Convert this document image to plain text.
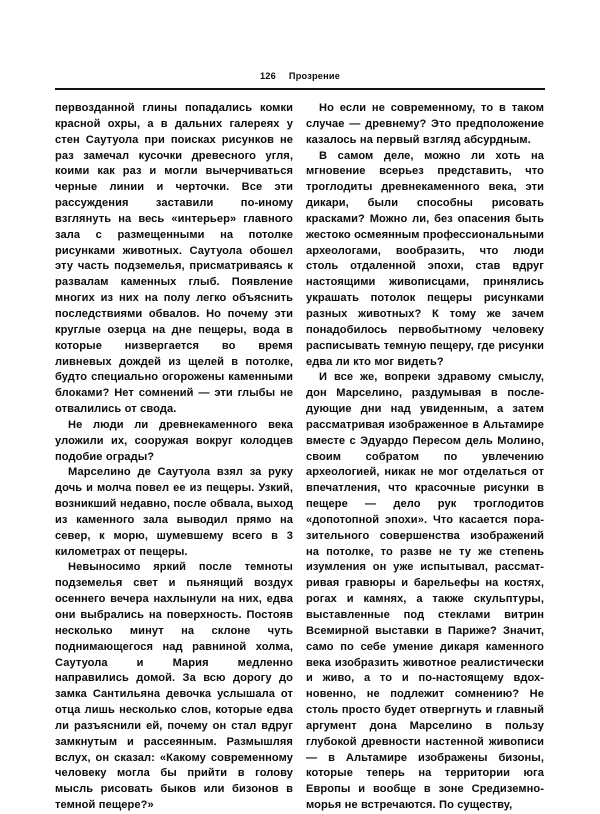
126 Прозрение

первозданной глины попадались комки красной охры, а в дальних галереях у стен Саутуола при поисках рисунков не раз замечал кусочки древесного угля, коими как раз и могли вычерчиваться черные линии и черточки. Все эти рассуждения заставили по-иному взглянуть на весь «интерьер» главного зала с размещенными на потолке рисунками животных. Саутуола обошел эту часть подземелья, присматриваясь к развалам каменных глыб. Появление многих из них на полу легко объяснить последствиями обвалов. Но почему эти круглые озерца на дне пещеры, вода в которые низвергается во время ливневых дождей из щелей в потолке, будто специально огорожены каменными блоками? Нет сомнений — эти глыбы не отвалились от свода.

Не люди ли древнекаменного века уложили их, сооружая вокруг колодцев подобие ограды?

Марселино де Саутуола взял за руку дочь и молча повел ее из пещеры. Узкий, возникший недавно, после обвала, выход из каменного зала выводил прямо на север, к морю, шумевшему всего в 3 километрах от пещеры.

Невыносимо яркий после темноты подземелья свет и пьянящий воздух осеннего вечера нахлынули на них, едва они выбрались на поверхность. Постояв несколько минут на склоне чуть поднимающегося над равниной холма, Саутуола и Мария медленно направились домой. За всю дорогу до замка Сантильяна девочка услышала от отца лишь несколько слов, которые едва ли разъяснили ей, почему он стал вдруг замкнутым и рассеянным. Размышляя вслух, он сказал: «Какому современному человеку могла бы прийти в голову мысль рисовать быков или бизонов в темной пещере?»

Но если не современному, то в таком случае — древнему? Это предположение казалось на первый взгляд абсурдным.

В самом деле, можно ли хоть на мгновение всерьез представить, что троглодиты древнекаменного века, эти дикари, были способны рисовать красками? Можно ли, без опасения быть жестоко осмеянным профессиональными археологами, вообразить, что люди столь отдаленной эпохи, став вдруг настоящими живописцами, принялись украшать потолок пещеры рисунками разных животных? К тому же зачем понадобилось первобытному человеку расписывать темную пещеру, где рисунки едва ли кто мог видеть?

И все же, вопреки здравому смыслу, дон Марселино, раздумывая в последующие дни над увиденным, а затем рассматривая изображенное в Альтамире вместе с Эдуардо Пересом дель Молино, своим собратом по увлечению археологией, никак не мог отделаться от впечатления, что красочные рисунки в пещере — дело рук троглодитов «допотопной эпохи». Что касается поразительного совершенства изображений на потолке, то разве не ту же степень изумления он уже испытывал, рассматривая гравюры и барельефы на костях, рогах и камнях, а также скульптуры, выставленные под стеклами витрин Всемирной выставки в Париже? Значит, само по себе умение дикаря каменного века изобразить животное реалистически и живо, а то и по-настоящему вдохновенно, не подлежит сомнению? Не столь просто будет отвергнуть и главный аргумент дона Марселино в пользу глубокой древности настенной живописи — в Альтамире изображены бизоны, которые теперь на территории юга Европы и вообще в зоне Средиземноморья не встречаются. По существу,
